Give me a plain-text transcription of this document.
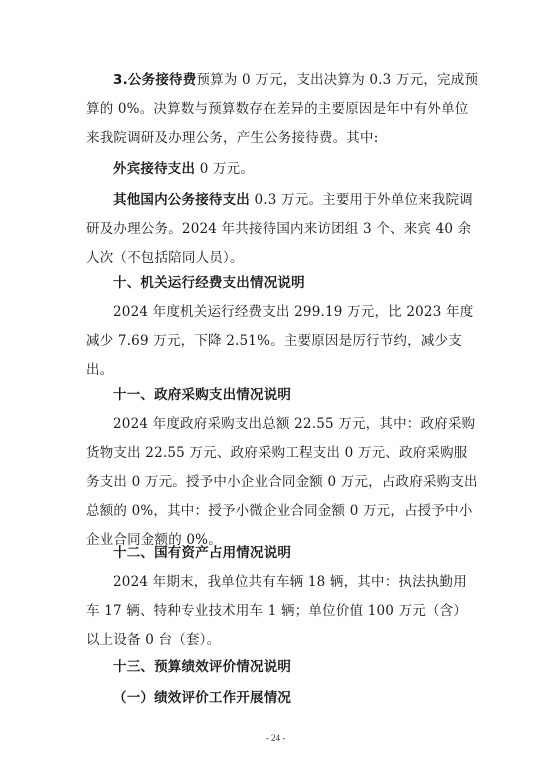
3.公务接待费预算为 0 万元，支出决算为 0.3 万元，完成预算的 0%。决算数与预算数存在差异的主要原因是年中有外单位来我院调研及办理公务，产生公务接待费。其中:
外宾接待支出 0 万元。
其他国内公务接待支出 0.3 万元。主要用于外单位来我院调研及办理公务。2024 年共接待国内来访团组 3 个、来宾 40 余人次（不包括陪同人员）。
十、机关运行经费支出情况说明
2024 年度机关运行经费支出 299.19 万元，比 2023 年度减少 7.69 万元，下降 2.51%。主要原因是厉行节约，减少支出。
十一、政府采购支出情况说明
2024 年度政府采购支出总额 22.55 万元，其中：政府采购货物支出 22.55 万元、政府采购工程支出 0 万元、政府采购服务支出 0 万元。授予中小企业合同金额 0 万元，占政府采购支出总额的 0%，其中：授予小微企业合同金额 0 万元，占授予中小企业合同金额的 0%。
十二、国有资产占用情况说明
2024 年期末，我单位共有车辆 18 辆，其中：执法执勤用车 17 辆、特种专业技术用车 1 辆；单位价值 100 万元（含）以上设备 0 台（套）。
十三、预算绩效评价情况说明
（一）绩效评价工作开展情况
- 24 -
